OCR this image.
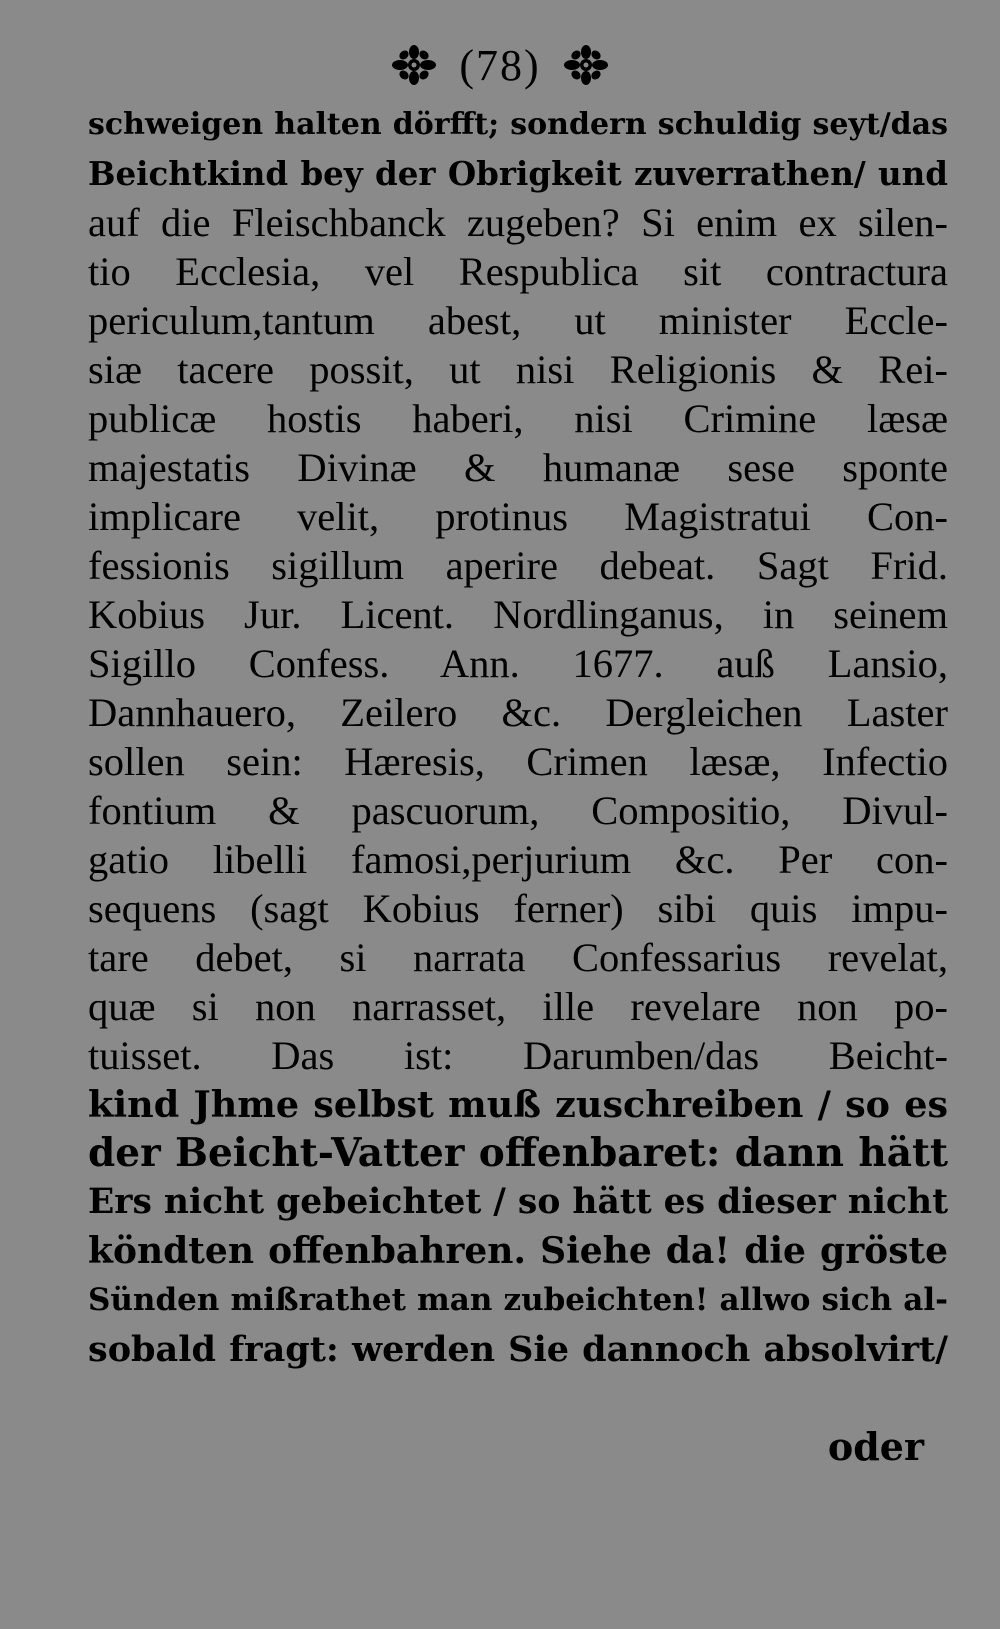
(78)
schweigen halten dörfft; sondern schuldig seyt/das
Beichtkind bey der Obrigkeit zuverrathen/ und
auf die Fleischbanck zugeben? Si enim ex silen-
tio Ecclesia, vel Respublica sit contractura
periculum,tantum abest, ut minister Eccle-
siæ tacere possit, ut nisi Religionis & Rei-
publicæ hostis haberi, nisi Crimine læsæ
majestatis Divinæ & humanæ sese sponte
implicare velit, protinus Magistratui Con-
fessionis sigillum aperire debeat. Sagt Frid.
Kobius Jur. Licent. Nordlinganus, in seinem
Sigillo Confess. Ann. 1677. auß Lansio,
Dannhauero, Zeilero &c. Dergleichen Laster
sollen sein: Hæresis, Crimen læsæ, Infectio
fontium & pascuorum, Compositio, Divul-
gatio libelli famosi,perjurium &c. Per con-
sequens (sagt Kobius ferner) sibi quis impu-
tare debet, si narrata Confessarius revelat,
quæ si non narrasset, ille revelare non po-
tuisset. Das ist: Darumben/das Beicht-
kind Jhme selbst muß zuschreiben / so es
der Beicht-Vatter offenbaret: dann hätt
Ers nicht gebeichtet / so hätt es dieser nicht
köndten offenbahren. Siehe da! die gröste
Sünden mißrathet man zubeichten! allwo sich al-
sobald fragt: werden Sie dannoch absolvirt/
oder
